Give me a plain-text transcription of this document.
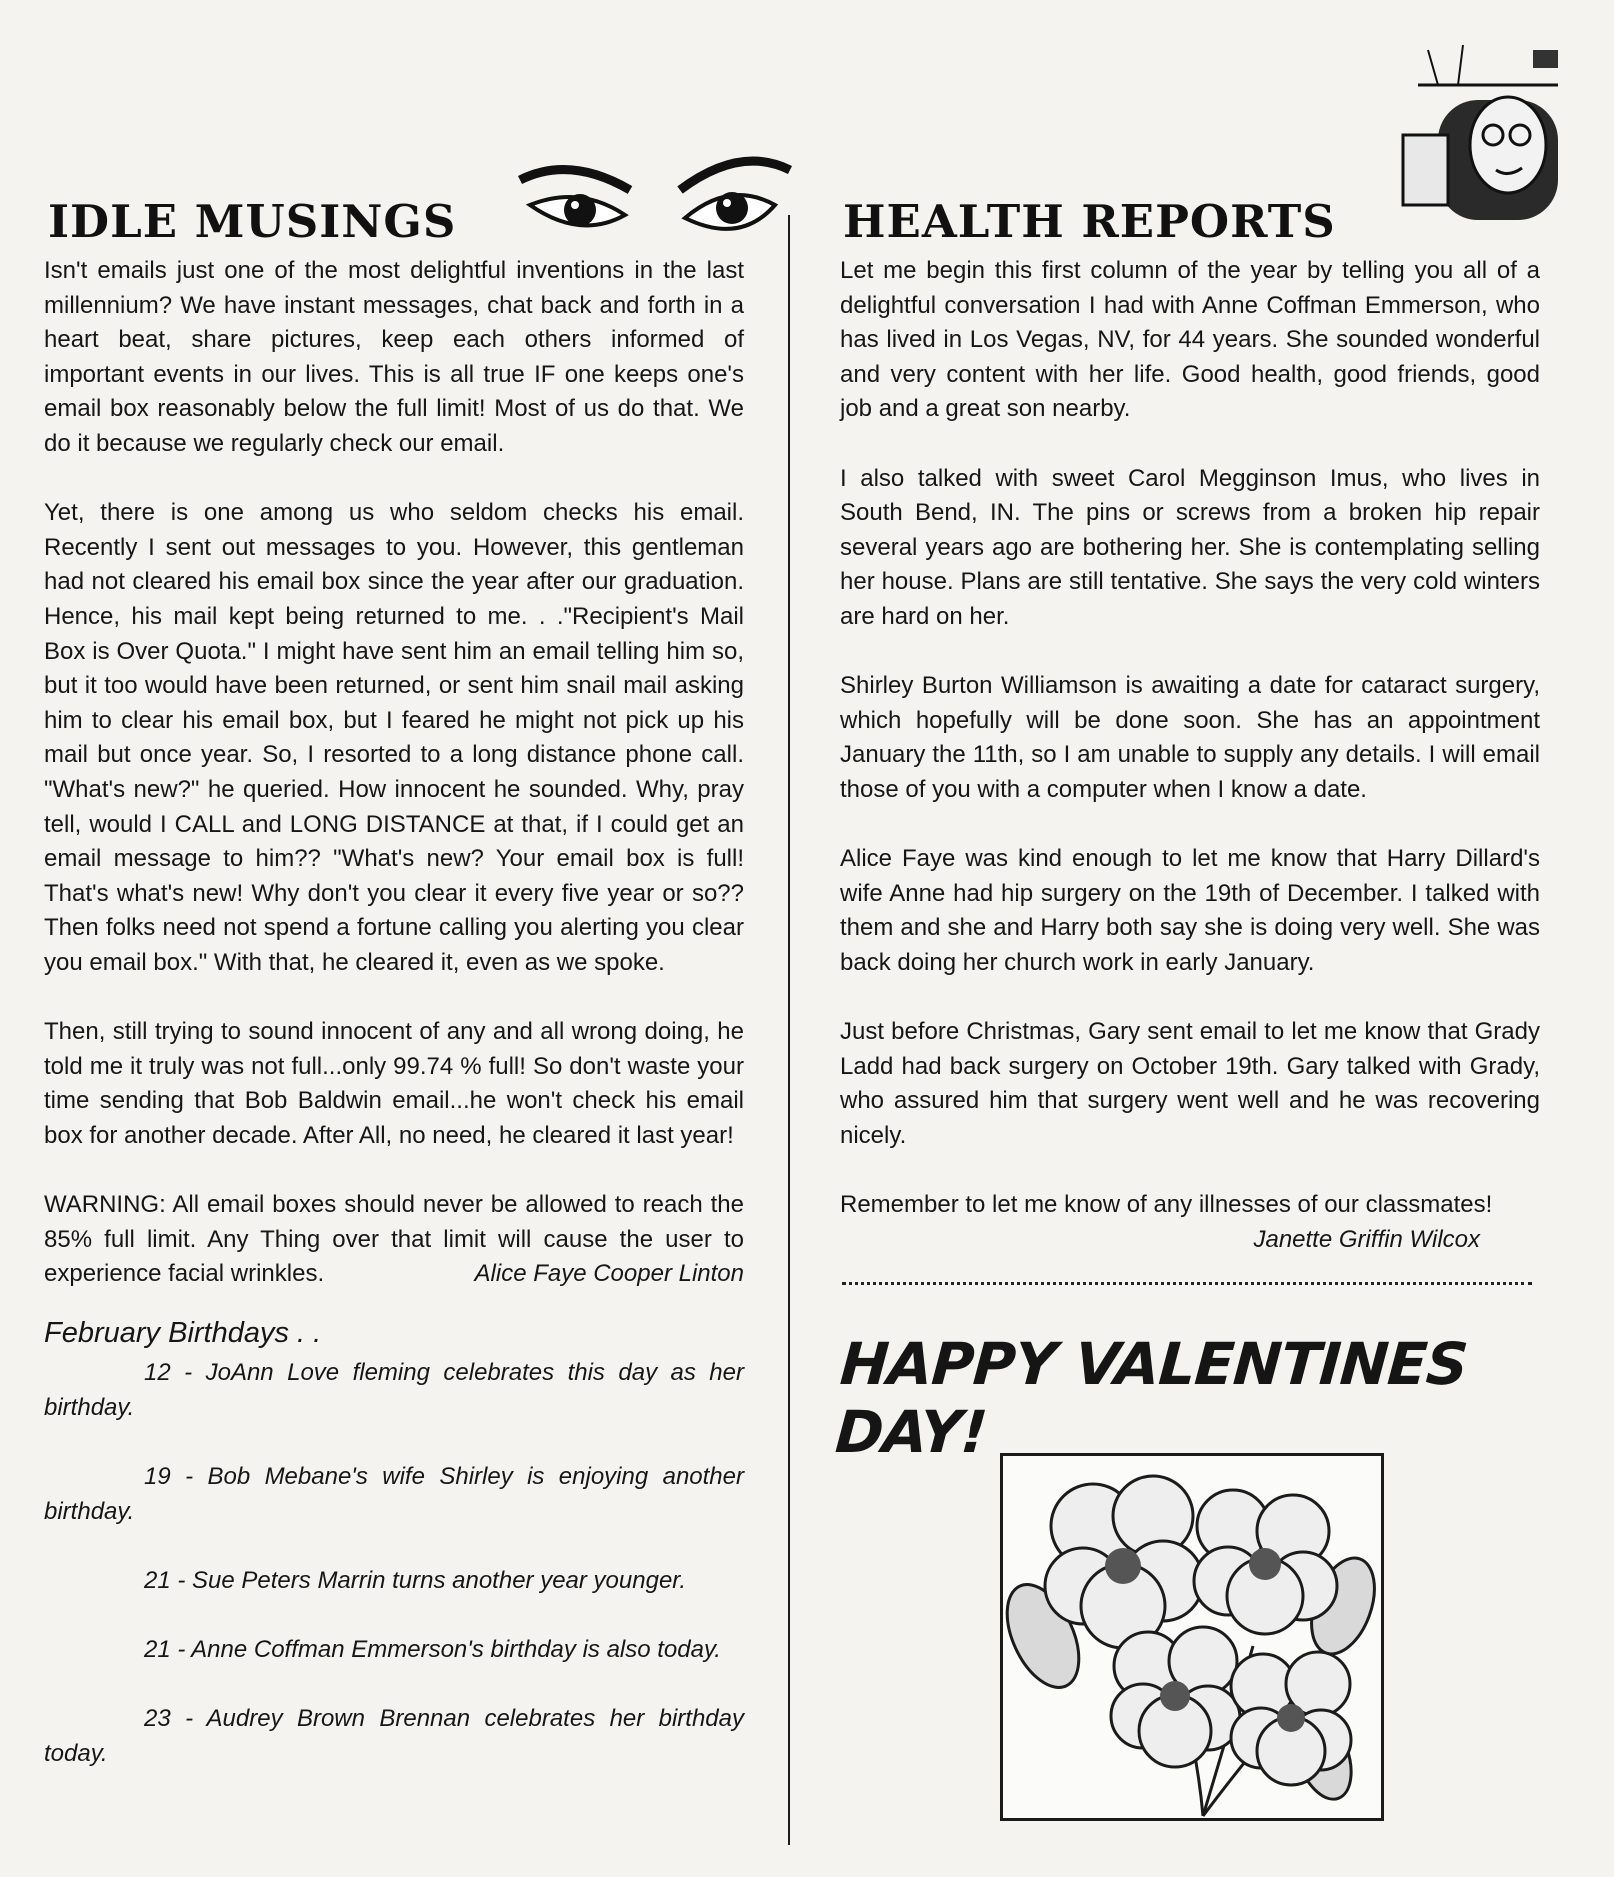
IDLE MUSINGS	HEALTH REPORTS

Isn't emails just one of the most delightful inventions in the last millennium? We have instant messages, chat back and forth in a heart beat, share pictures, keep each others informed of important events in our lives. This is all true IF one keeps one's email box reasonably below the full limit! Most of us do that. We do it because we regularly check our email.

Yet, there is one among us who seldom checks his email. Recently I sent out messages to you. However, this gentleman had not cleared his email box since the year after our graduation. Hence, his mail kept being returned to me. . ."Recipient's Mail Box is Over Quota." I might have sent him an email telling him so, but it too would have been returned, or sent him snail mail asking him to clear his email box, but I feared he might not pick up his mail but once year. So, I resorted to a long distance phone call. "What's new?" he queried. How innocent he sounded. Why, pray tell, would I CALL and LONG DISTANCE at that, if I could get an email message to him?? "What's new? Your email box is full! That's what's new! Why don't you clear it every five year or so?? Then folks need not spend a fortune calling you alerting you clear you email box." With that, he cleared it, even as we spoke.

Then, still trying to sound innocent of any and all wrong doing, he told me it truly was not full...only 99.74 % full! So don't waste your time sending that Bob Baldwin email...he won't check his email box for another decade. After All, no need, he cleared it last year!

WARNING: All email boxes should never be allowed to reach the 85% full limit. Any Thing over that limit will cause the user to experience facial wrinkles.	Alice Faye Cooper Linton
February Birthdays . .

12 - JoAnn Love fleming celebrates this day as her birthday.

19 - Bob Mebane's wife Shirley is enjoying another birthday.

21 - Sue Peters Marrin turns another year younger.

21 - Anne Coffman Emmerson's birthday is also today.

23 - Audrey Brown Brennan celebrates her birthday today.

Let me begin this first column of the year by telling you all of a delightful conversation I had with Anne Coffman Emmerson, who has lived in Los Vegas, NV, for 44 years. She sounded wonderful and very content with her life. Good health, good friends, good job and a great son nearby.

I also talked with sweet Carol Megginson Imus, who lives in South Bend, IN. The pins or screws from a broken hip repair several years ago are bothering her. She is contemplating selling her house. Plans are still tentative. She says the very cold winters are hard on her.

Shirley Burton Williamson is awaiting a date for cataract surgery, which hopefully will be done soon. She has an appointment January the 11th, so I am unable to supply any details. I will email those of you with a computer when I know a date.

Alice Faye was kind enough to let me know that Harry Dillard's wife Anne had hip surgery on the 19th of December. I talked with them and she and Harry both say she is doing very well. She was back doing her church work in early January.

Just before Christmas, Gary sent email to let me know that Grady Ladd had back surgery on October 19th. Gary talked with Grady, who assured him that surgery went well and he was recovering nicely.

Remember to let me know of any illnesses of our classmates!

Janette Griffin Wilcox
HAPPY VALENTINES DAY!
